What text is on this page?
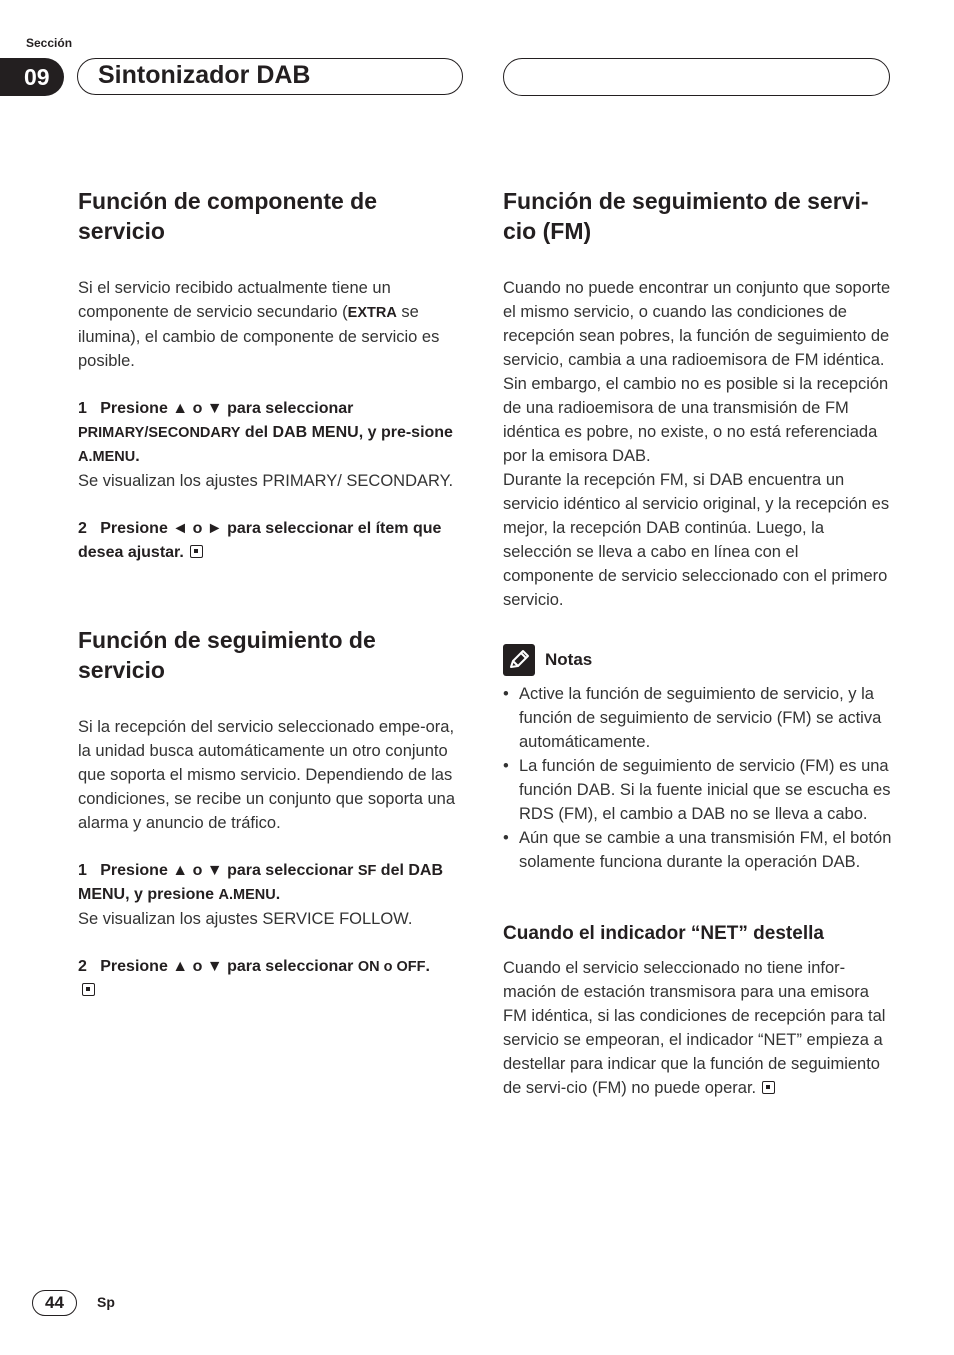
Sección
09	Sintonizador DAB
Función de componente de servicio

Si el servicio recibido actualmente tiene un componente de servicio secundario (EXTRA se ilumina), el cambio de componente de servicio es posible.

1 Presione ▲ o ▼ para seleccionar PRIMARY/SECONDARY del DAB MENU, y pre-sione A.MENU.

Se visualizan los ajustes PRIMARY/ SECONDARY.

2 Presione ◄ o ► para seleccionar el ítem que desea ajustar.

Función de seguimiento de servicio

Si la recepción del servicio seleccionado empe-ora, la unidad busca automáticamente un otro conjunto que soporta el mismo servicio. Dependiendo de las condiciones, se recibe un conjunto que soporta una alarma y anuncio de tráfico.

1 Presione ▲ o ▼ para seleccionar SF del DAB MENU, y presione A.MENU.

Se visualizan los ajustes SERVICE FOLLOW.

2 Presione ▲ o ▼ para seleccionar ON o OFF.

Función de seguimiento de servi-cio (FM)

Cuando no puede encontrar un conjunto que soporte el mismo servicio, o cuando las condiciones de recepción sean pobres, la función de seguimiento de servicio, cambia a una radioemisora de FM idéntica. Sin embargo, el cambio no es posible si la recepción de una radioemisora de una transmisión de FM idéntica es pobre, no existe, o no está referenciada por la emisora DAB.

Durante la recepción FM, si DAB encuentra un servicio idéntico al servicio original, y la recepción es mejor, la recepción DAB continúa. Luego, la selección se lleva a cabo en línea con el componente de servicio seleccionado con el primero servicio.

Notas
• Active la función de seguimiento de servicio, y la función de seguimiento de servicio (FM) se activa automáticamente.
• La función de seguimiento de servicio (FM) es una función DAB. Si la fuente inicial que se escucha es RDS (FM), el cambio a DAB no se lleva a cabo.
• Aún que se cambie a una transmisión FM, el botón solamente funciona durante la operación DAB.
Cuando el indicador “NET” destella

Cuando el servicio seleccionado no tiene infor-mación de estación transmisora para una emisora FM idéntica, si las condiciones de recepción para tal servicio se empeoran, el indicador “NET” empieza a destellar para indicar que la función de seguimiento de servi-cio (FM) no puede operar.

44	Sp
